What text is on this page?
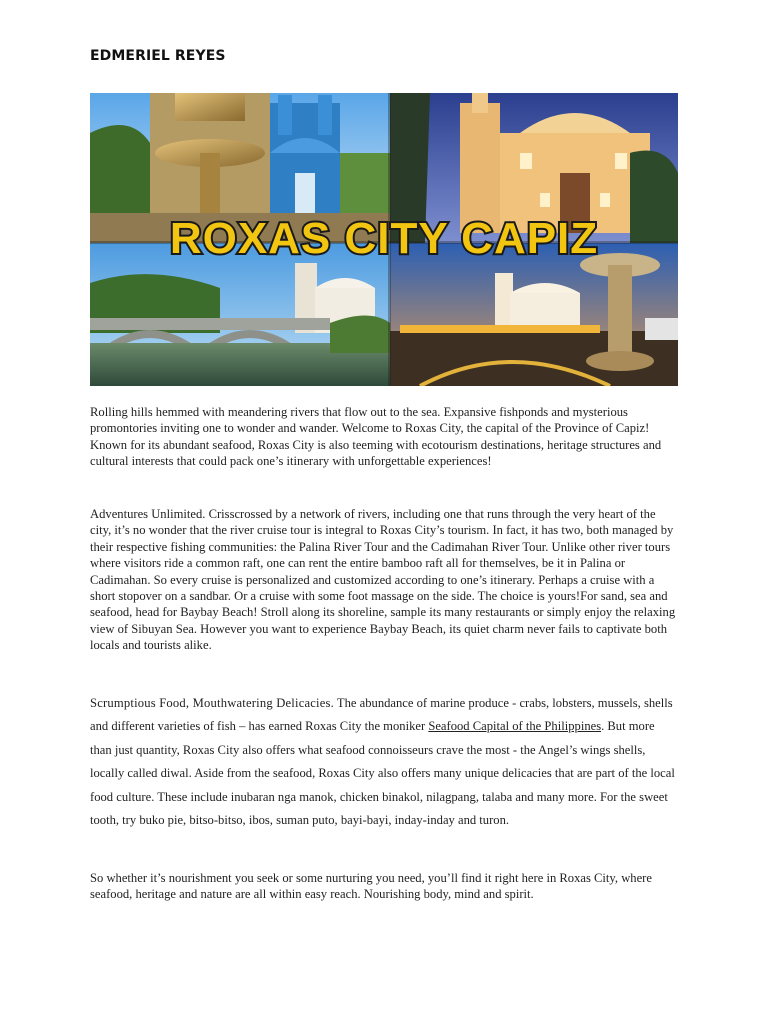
EDMERIEL REYES
ROXAS CITY CAPIZ
Rolling hills hemmed with meandering rivers that flow out to the sea. Expansive fishponds and mysterious promontories inviting one to wonder and wander. Welcome to Roxas City, the capital of the Province of Capiz! Known for its abundant seafood, Roxas City is also teeming with ecotourism destinations, heritage structures and cultural interests that could pack one’s itinerary with unforgettable experiences!
Adventures Unlimited. Crisscrossed by a network of rivers, including one that runs through the very heart of the city, it’s no wonder that the river cruise tour is integral to Roxas City’s tourism. In fact, it has two, both managed by their respective fishing communities: the Palina River Tour and the Cadimahan River Tour. Unlike other river tours where visitors ride a common raft, one can rent the entire bamboo raft all for themselves, be it in Palina or Cadimahan. So every cruise is personalized and customized according to one’s itinerary. Perhaps a cruise with a short stopover on a sandbar. Or a cruise with some foot massage on the side. The choice is yours!For sand, sea and seafood, head for Baybay Beach! Stroll along its shoreline, sample its many restaurants or simply enjoy the relaxing view of Sibuyan Sea. However you want to experience Baybay Beach, its quiet charm never fails to captivate both locals and tourists alike.
Scrumptious Food, Mouthwatering Delicacies. The abundance of marine produce - crabs, lobsters, mussels, shells and different varieties of fish – has earned Roxas City the moniker Seafood Capital of the Philippines. But more than just quantity, Roxas City also offers what seafood connoisseurs crave the most - the Angel’s wings shells, locally called diwal. Aside from the seafood, Roxas City also offers many unique delicacies that are part of the local food culture. These include inubaran nga manok, chicken binakol, nilagpang, talaba and many more. For the sweet tooth, try buko pie, bitso-bitso, ibos, suman puto, bayi-bayi, inday-inday and turon.
So whether it’s nourishment you seek or some nurturing you need, you’ll find it right here in Roxas City, where seafood, heritage and nature are all within easy reach. Nourishing body, mind and spirit.
